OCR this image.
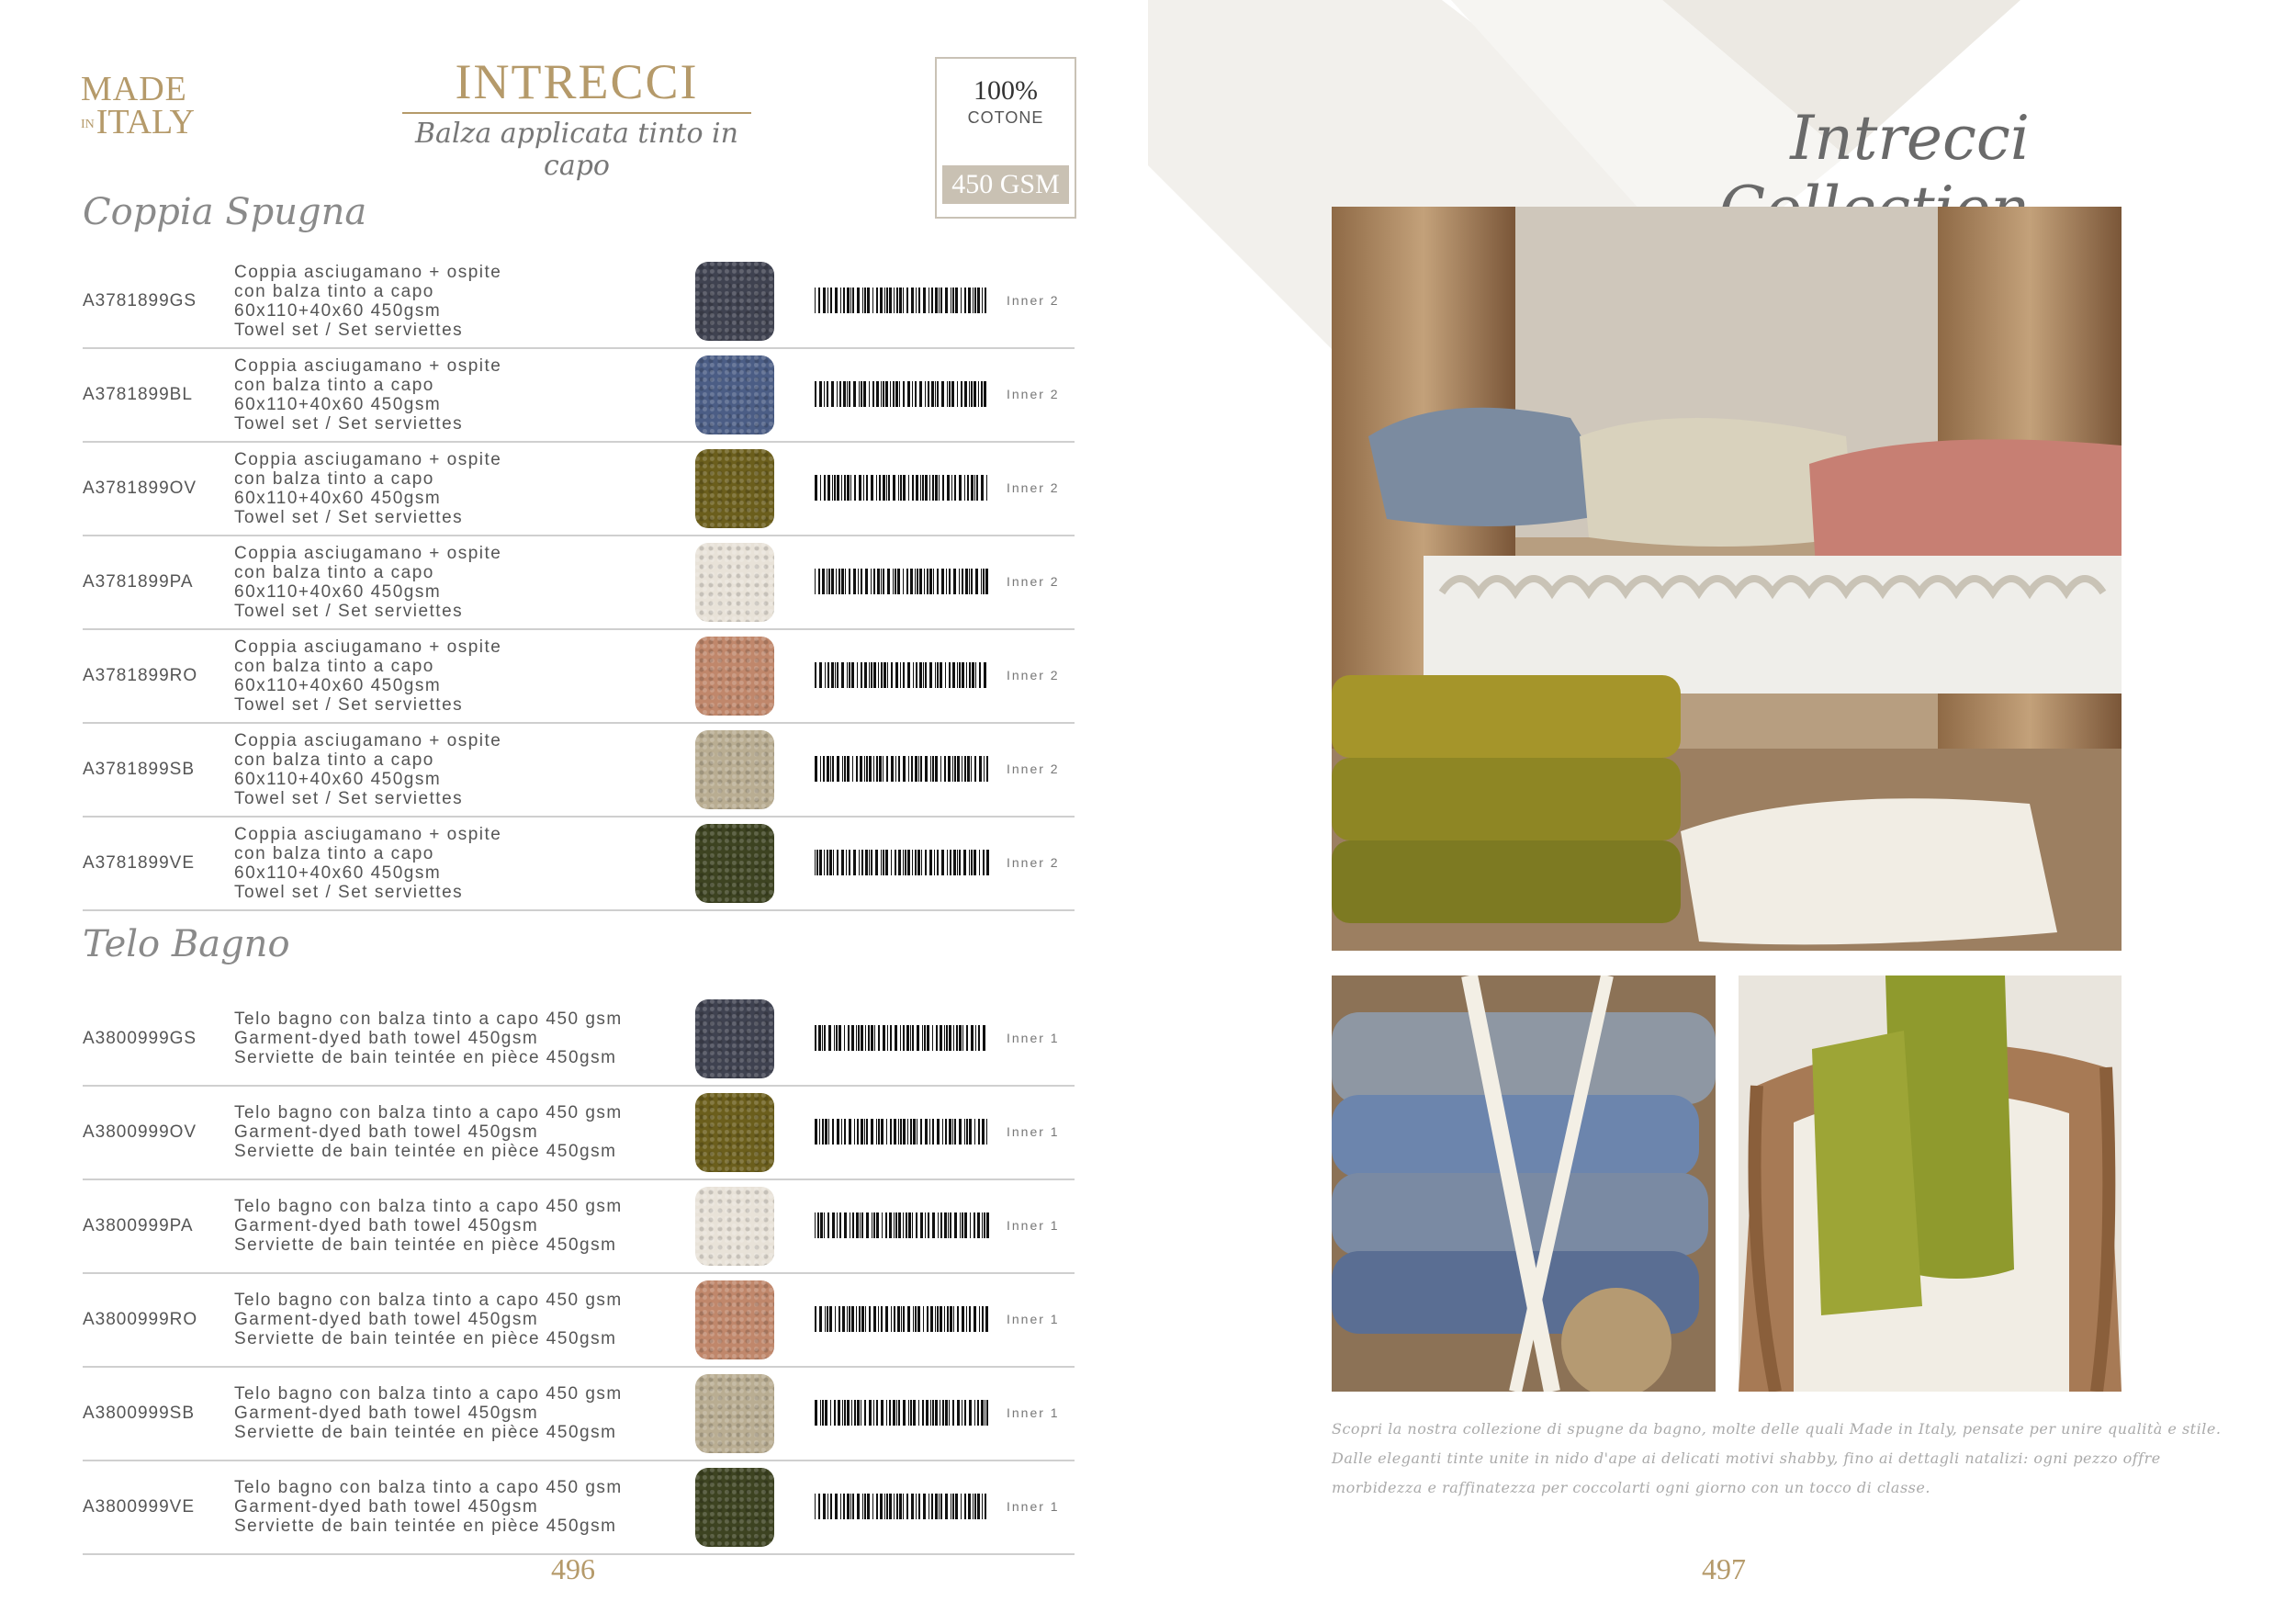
MADE
INITALY
INTRECCI
Balza applicata tinto in capo
100%
COTONE
450 GSM
Coppia Spugna
A3781899GS
Coppia asciugamano + ospite
con balza tinto a capo
60x110+40x60 450gsm
Towel set / Set serviettes
Inner 2
A3781899BL
Coppia asciugamano + ospite
con balza tinto a capo
60x110+40x60 450gsm
Towel set / Set serviettes
Inner 2
A3781899OV
Coppia asciugamano + ospite
con balza tinto a capo
60x110+40x60 450gsm
Towel set / Set serviettes
Inner 2
A3781899PA
Coppia asciugamano + ospite
con balza tinto a capo
60x110+40x60 450gsm
Towel set / Set serviettes
Inner 2
A3781899RO
Coppia asciugamano + ospite
con balza tinto a capo
60x110+40x60 450gsm
Towel set / Set serviettes
Inner 2
A3781899SB
Coppia asciugamano + ospite
con balza tinto a capo
60x110+40x60 450gsm
Towel set / Set serviettes
Inner 2
A3781899VE
Coppia asciugamano + ospite
con balza tinto a capo
60x110+40x60 450gsm
Towel set / Set serviettes
Inner 2
Telo Bagno
A3800999GS
Telo bagno con balza tinto a capo 450 gsm
Garment-dyed bath towel 450gsm
Serviette de bain teintée en pièce 450gsm
Inner 1
A3800999OV
Telo bagno con balza tinto a capo 450 gsm
Garment-dyed bath towel 450gsm
Serviette de bain teintée en pièce 450gsm
Inner 1
A3800999PA
Telo bagno con balza tinto a capo 450 gsm
Garment-dyed bath towel 450gsm
Serviette de bain teintée en pièce 450gsm
Inner 1
A3800999RO
Telo bagno con balza tinto a capo 450 gsm
Garment-dyed bath towel 450gsm
Serviette de bain teintée en pièce 450gsm
Inner 1
A3800999SB
Telo bagno con balza tinto a capo 450 gsm
Garment-dyed bath towel 450gsm
Serviette de bain teintée en pièce 450gsm
Inner 1
A3800999VE
Telo bagno con balza tinto a capo 450 gsm
Garment-dyed bath towel 450gsm
Serviette de bain teintée en pièce 450gsm
Inner 1
496
Intrecci
Scopri la nostra collezione di spugne da bagno, molte delle quali Made in Italy, pensate per unire qualità e stile. Dalle eleganti tinte unite in nido d'ape ai delicati motivi shabby, fino ai dettagli natalizi: ogni pezzo offre morbidezza e raffinatezza per coccolarti ogni giorno con un tocco di classe.
497
